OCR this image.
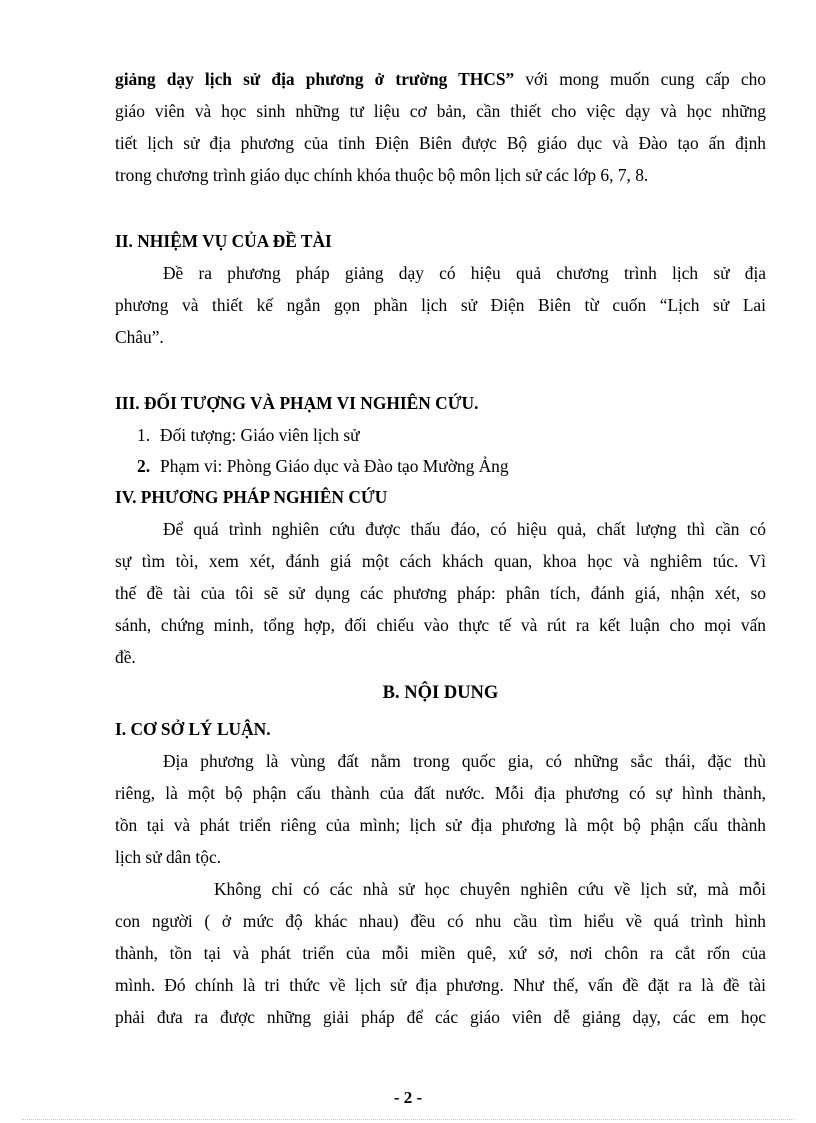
giảng dạy lịch sử địa phương ở trường THCS” với mong muốn cung cấp cho
giáo viên và học sinh những tư liệu cơ bản, cần thiết cho việc dạy và học những
tiết lịch sử địa phương của tỉnh Điện Biên được Bộ giáo dục và Đào tạo ấn định
trong chương trình giáo dục chính khóa thuộc bộ môn lịch sử các lớp 6, 7, 8.
II. NHIỆM VỤ CỦA ĐỀ TÀI
Đề ra phương pháp giảng dạy có hiệu quả chương trình lịch sử địa
phương và thiết kế ngắn gọn phần lịch sử Điện Biên từ cuốn “Lịch sử Lai
Châu”.
III. ĐỐI TƯỢNG VÀ PHẠM VI NGHIÊN CỨU.
1. Đối tượng: Giáo viên lịch sử
2. Phạm vi: Phòng Giáo dục và Đào tạo Mường Ảng
IV. PHƯƠNG PHÁP NGHIÊN CỨU
Để quá trình nghiên cứu được thấu đáo, có hiệu quả, chất lượng thì cần có
sự tìm tòi, xem xét, đánh giá một cách khách quan, khoa học và nghiêm túc. Vì
thế đề tài của tôi sẽ sử dụng các phương pháp: phân tích, đánh giá, nhận xét, so
sánh, chứng minh, tổng hợp, đối chiếu vào thực tế và rút ra kết luận cho mọi vấn
đề.
B. NỘI DUNG
I. CƠ SỞ LÝ LUẬN.
Địa phương là vùng đất nằm trong quốc gia, có những sắc thái, đặc thù
riêng, là một bộ phận cấu thành của đất nước. Mỗi địa phương có sự hình thành,
tồn tại và phát triển riêng của mình; lịch sử địa phương là một bộ phận cấu thành
lịch sử dân tộc.
Không chỉ có các nhà sử học chuyên nghiên cứu về lịch sử, mà mỗi
con người ( ở mức độ khác nhau) đều có nhu cầu tìm hiểu về quá trình hình
thành, tồn tại và phát triển của mỗi miền quê, xứ sở, nơi chôn ra cắt rốn của
mình. Đó chính là tri thức về lịch sử địa phương. Như thế, vấn đề đặt ra là đề tài
phải đưa ra được những giải pháp để các giáo viên dễ giảng dạy, các em học
- 2 -
